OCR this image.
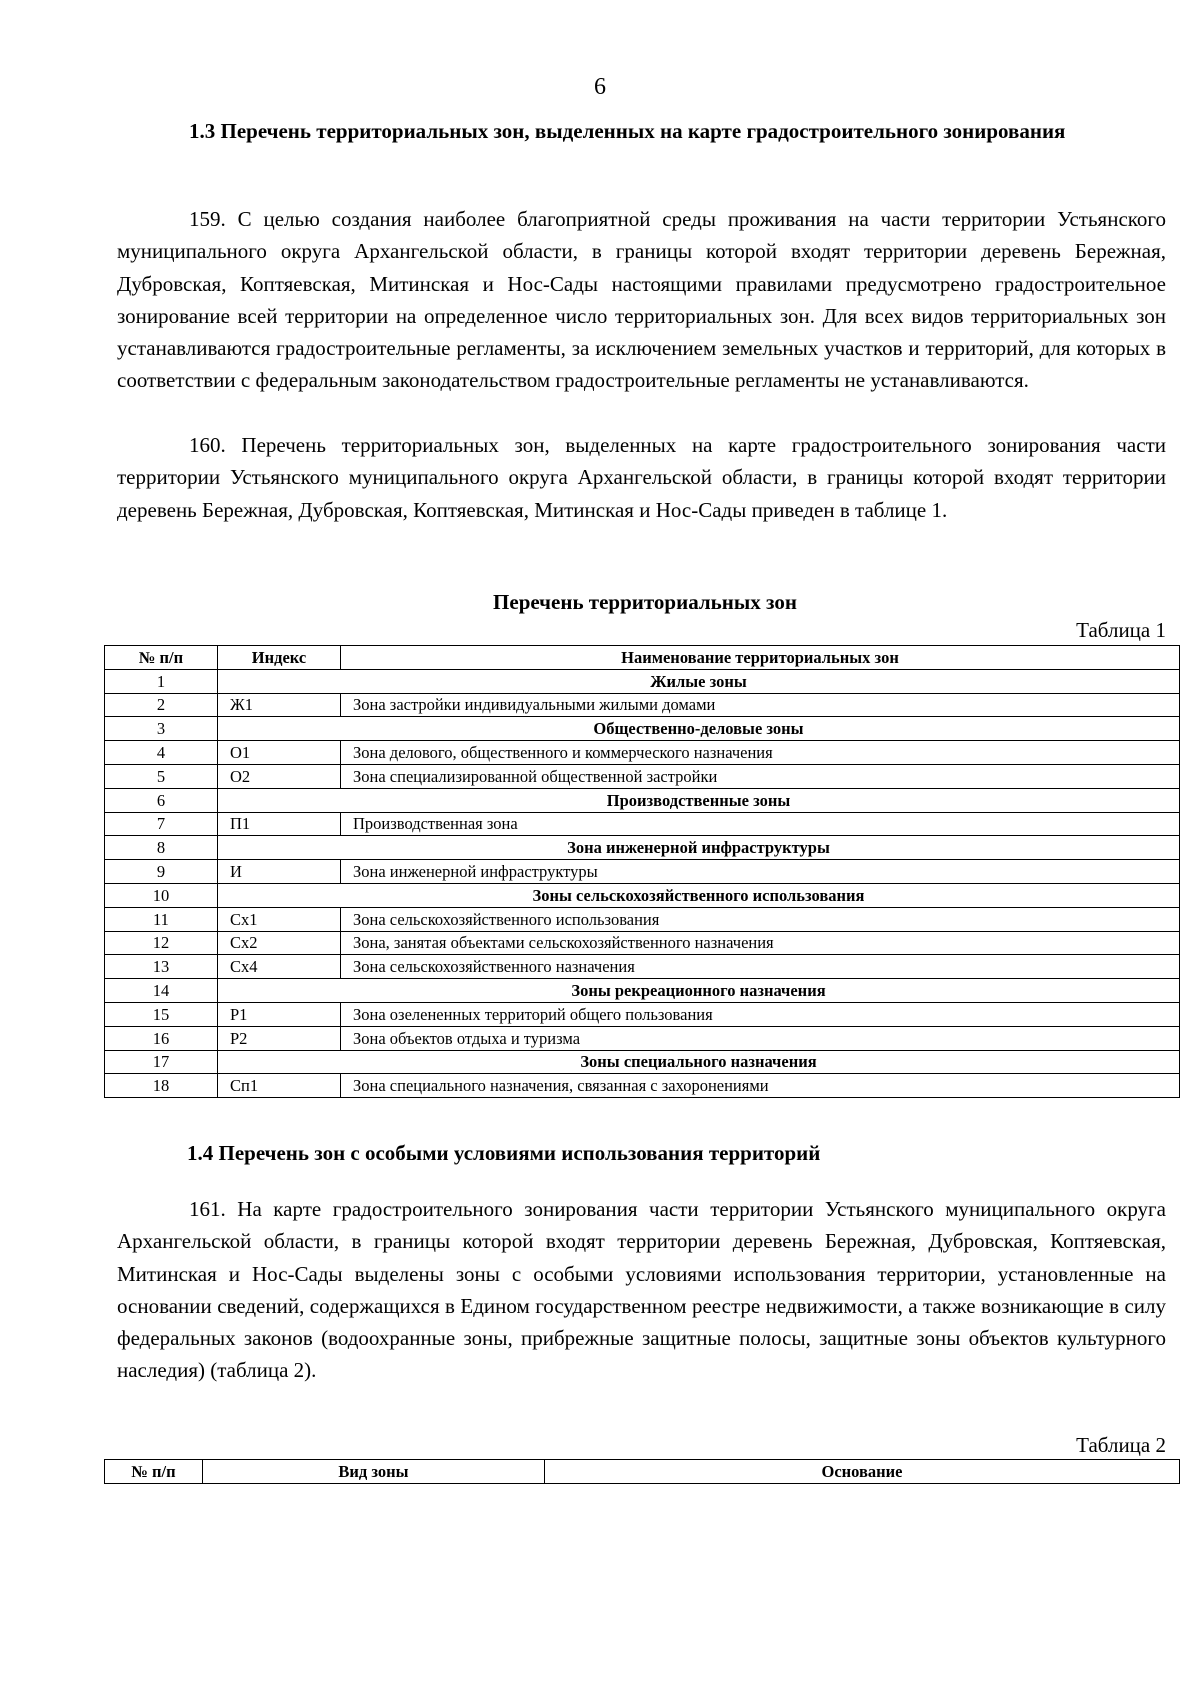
6

1.3 Перечень территориальных зон, выделенных на карте градостроительного зонирования

159. С целью создания наиболее благоприятной среды проживания на части территории Устьянского муниципального округа Архангельской области, в границы которой входят территории деревень Бережная, Дубровская, Коптяевская, Митинская и Нос-Сады настоящими правилами предусмотрено градостроительное зонирование всей территории на определенное число территориальных зон. Для всех видов территориальных зон устанавливаются градостроительные регламенты, за исключением земельных участков и территорий, для которых в соответствии с федеральным законодательством градостроительные регламенты не устанавливаются.

160. Перечень территориальных зон, выделенных на карте градостроительного зонирования части территории Устьянского муниципального округа Архангельской области, в границы которой входят территории деревень Бережная, Дубровская, Коптяевская, Митинская и Нос-Сады приведен в таблице 1.

Перечень территориальных зон
Таблица 1
№ п/п	Индекс	Наименование территориальных зон
1	Жилые зоны	
2	Ж1	Зона застройки индивидуальными жилыми домами
3	Общественно-деловые зоны	
4	О1	Зона делового, общественного и коммерческого назначения
5	О2	Зона специализированной общественной застройки
6	Производственные зоны	
7	П1	Производственная зона
8	Зона инженерной инфраструктуры	
9	И	Зона инженерной инфраструктуры
10	Зоны сельскохозяйственного использования	
11	Сх1	Зона сельскохозяйственного использования
12	Сх2	Зона, занятая объектами сельскохозяйственного назначения
13	Сх4	Зона сельскохозяйственного назначения
14	Зоны рекреационного назначения	
15	Р1	Зона озелененных территорий общего пользования
16	Р2	Зона объектов отдыха и туризма
17	Зоны специального назначения	
18	Сп1	Зона специального назначения, связанная с захоронениями

1.4 Перечень зон с особыми условиями использования территорий

161. На карте градостроительного зонирования части территории Устьянского муниципального округа Архангельской области, в границы которой входят территории деревень Бережная, Дубровская, Коптяевская, Митинская и Нос-Сады выделены зоны с особыми условиями использования территории, установленные на основании сведений, содержащихся в Едином государственном реестре недвижимости, а также возникающие в силу федеральных законов (водоохранные зоны, прибрежные защитные полосы, защитные зоны объектов культурного наследия) (таблица 2).

Таблица 2
№ п/п	Вид зоны	Основание
